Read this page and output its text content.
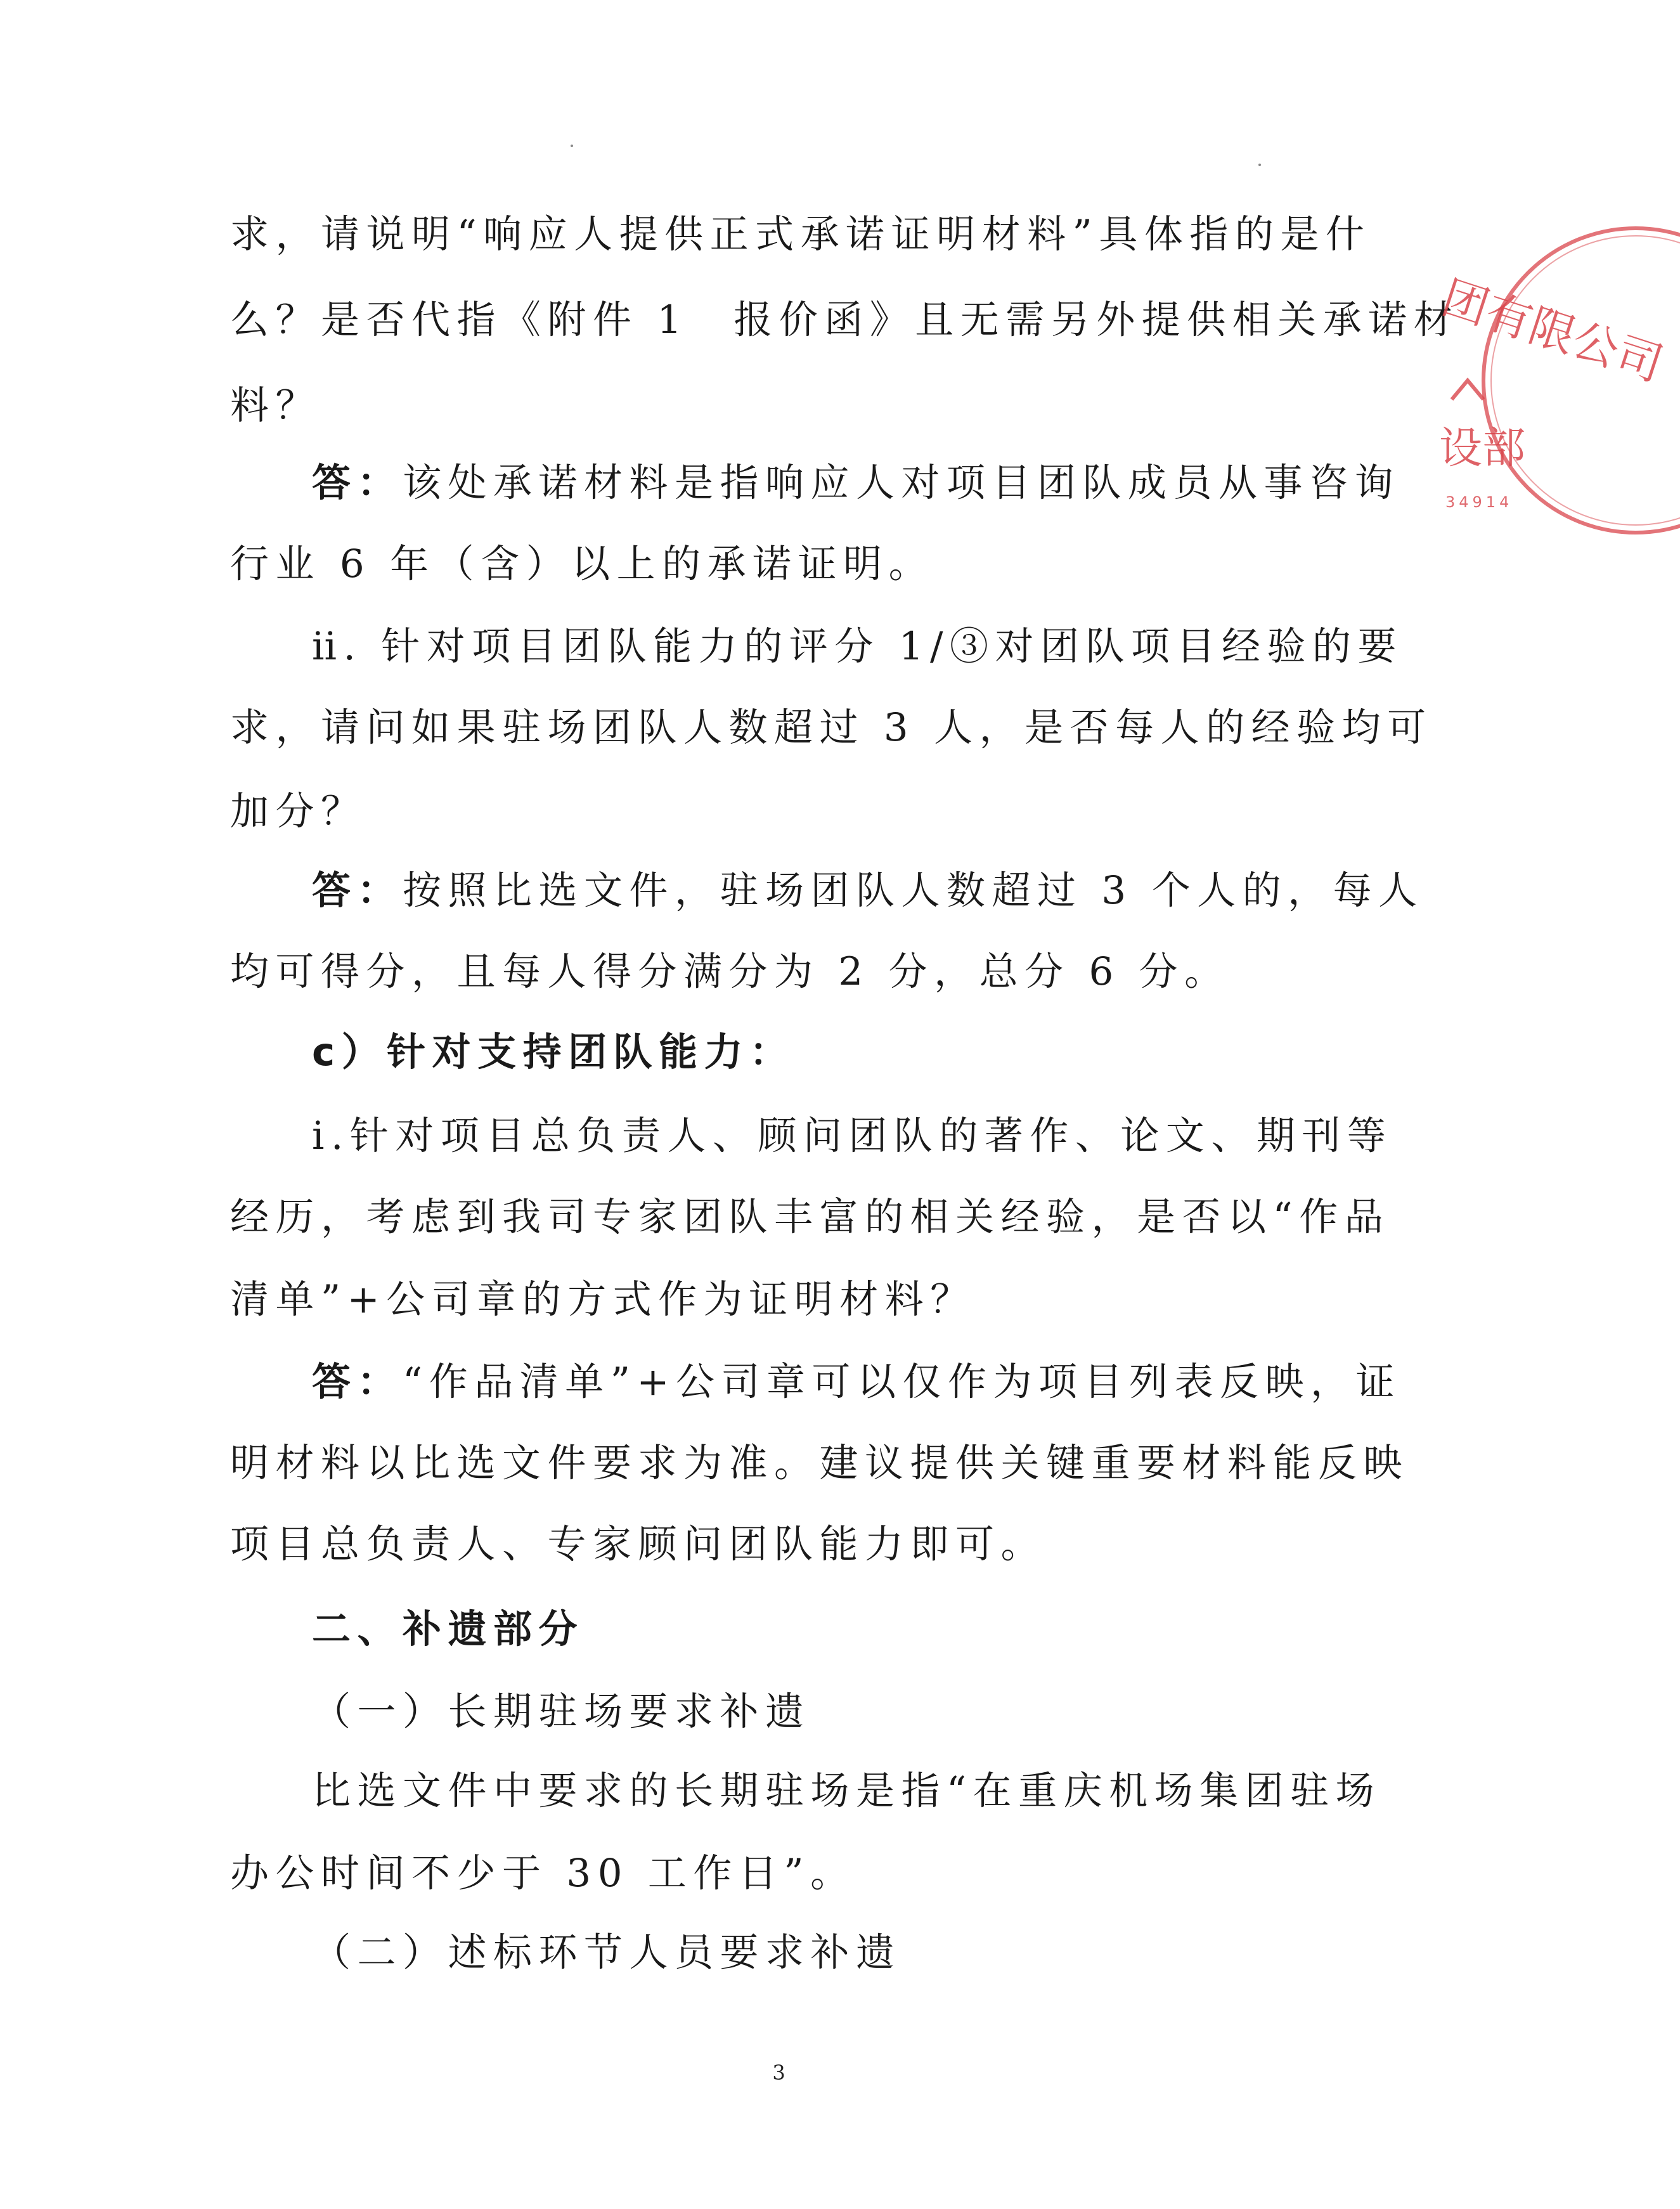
求，请说明“响应人提供正式承诺证明材料”具体指的是什
么？是否代指《附件 1　报价函》且无需另外提供相关承诺材
料？
答：该处承诺材料是指响应人对项目团队成员从事咨询
行业 6 年（含）以上的承诺证明。
ⅱ. 针对项目团队能力的评分 1/③对团队项目经验的要
求，请问如果驻场团队人数超过 3 人，是否每人的经验均可
加分？
答：按照比选文件，驻场团队人数超过 3 个人的，每人
均可得分，且每人得分满分为 2 分，总分 6 分。
c）针对支持团队能力：
ⅰ.针对项目总负责人、顾问团队的著作、论文、期刊等
经历，考虑到我司专家团队丰富的相关经验，是否以“作品
清单”+公司章的方式作为证明材料？
答：“作品清单”+公司章可以仅作为项目列表反映，证
明材料以比选文件要求为准。建议提供关键重要材料能反映
项目总负责人、专家顾问团队能力即可。
二、补遗部分
（一）长期驻场要求补遗
比选文件中要求的长期驻场是指“在重庆机场集团驻场
办公时间不少于 30 工作日”。
（二）述标环节人员要求补遗
3
团有限公司
设部
34914
